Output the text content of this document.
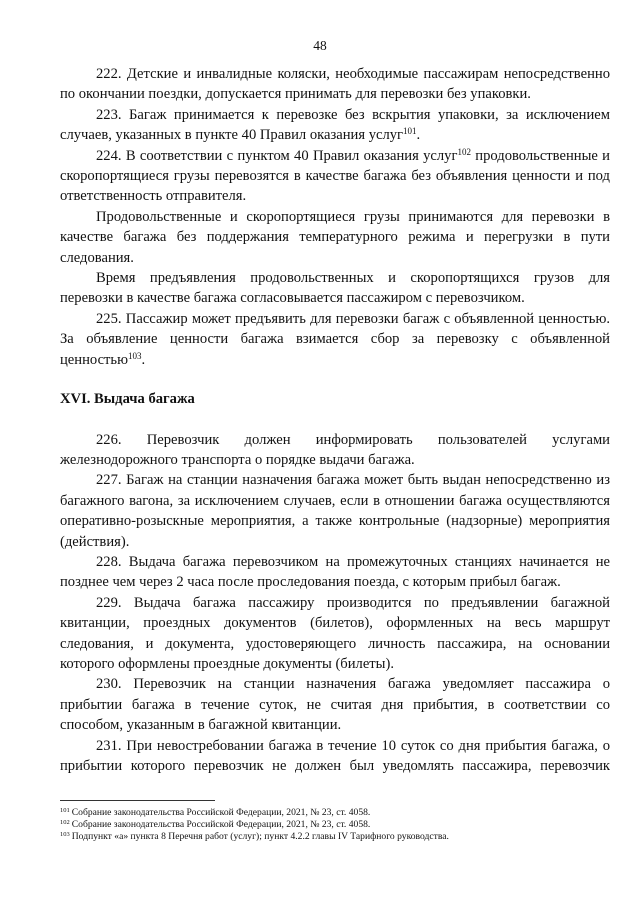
48

222. Детские и инвалидные коляски, необходимые пассажирам непосредственно по окончании поездки, допускается принимать для перевозки без упаковки.

223. Багаж принимается к перевозке без вскрытия упаковки, за исключением случаев, указанных в пункте 40 Правил оказания услуг$^{101}$.

224. В соответствии с пунктом 40 Правил оказания услуг$^{102}$ продовольственные и скоропортящиеся грузы перевозятся в качестве багажа без объявления ценности и под ответственность отправителя.

Продовольственные и скоропортящиеся грузы принимаются для перевозки в качестве багажа без поддержания температурного режима и перегрузки в пути следования.

Время предъявления продовольственных и скоропортящихся грузов для перевозки в качестве багажа согласовывается пассажиром с перевозчиком.

225. Пассажир может предъявить для перевозки багаж с объявленной ценностью. За объявление ценности багажа взимается сбор за перевозку с объявленной ценностью$^{103}$.

XVI. Выдача багажа

226. Перевозчик должен информировать пользователей услугами железнодорожного транспорта о порядке выдачи багажа.

227. Багаж на станции назначения багажа может быть выдан непосредственно из багажного вагона, за исключением случаев, если в отношении багажа осуществляются оперативно-розыскные мероприятия, а также контрольные (надзорные) мероприятия (действия).

228. Выдача багажа перевозчиком на промежуточных станциях начинается не позднее чем через 2 часа после проследования поезда, с которым прибыл багаж.

229. Выдача багажа пассажиру производится по предъявлении багажной квитанции, проездных документов (билетов), оформленных на весь маршрут следования, и документа, удостоверяющего личность пассажира, на основании которого оформлены проездные документы (билеты).

230. Перевозчик на станции назначения багажа уведомляет пассажира о прибытии багажа в течение суток, не считая дня прибытия, в соответствии со способом, указанным в багажной квитанции.

231. При невостребовании багажа в течение 10 суток со дня прибытия багажа, о прибытии которого перевозчик не должен был уведомлять пассажира, перевозчик

$^{101}$ Собрание законодательства Российской Федерации, 2021, № 23, ст. 4058.

$^{102}$ Собрание законодательства Российской Федерации, 2021, № 23, ст. 4058.

$^{103}$ Подпункт «а» пункта 8 Перечня работ (услуг); пункт 4.2.2 главы IV Тарифного руководства.
